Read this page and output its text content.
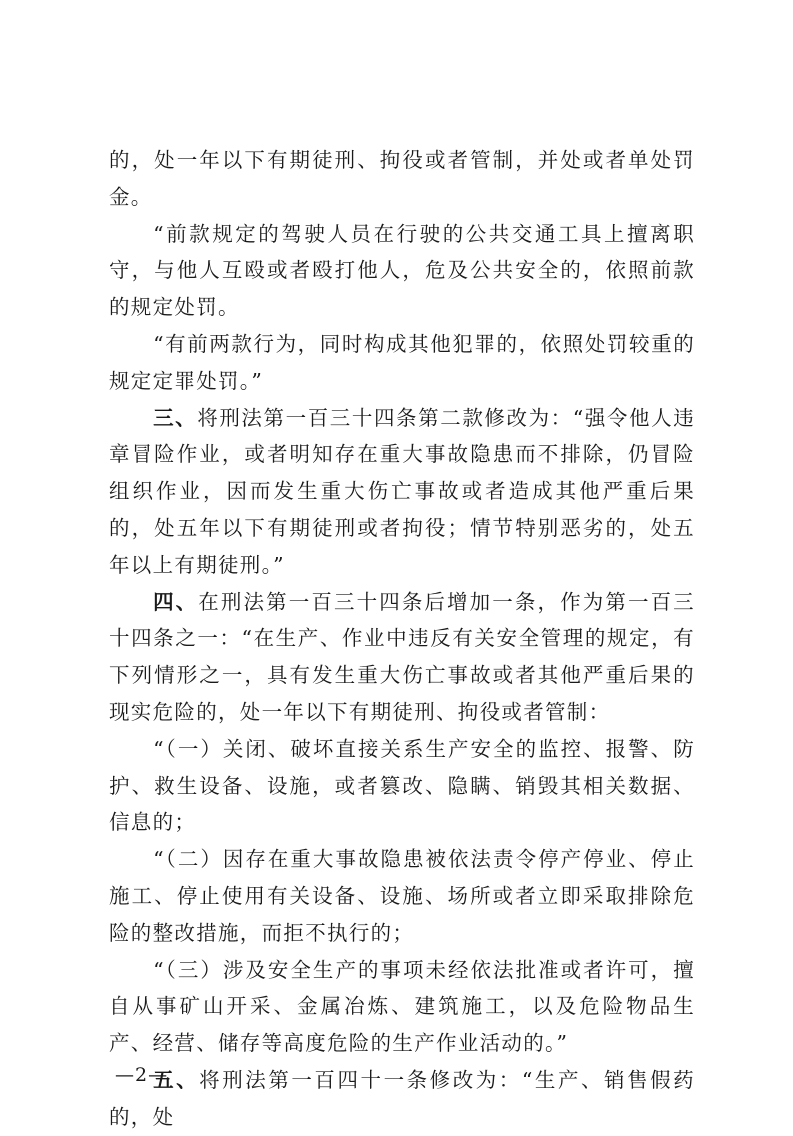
的，处一年以下有期徒刑、拘役或者管制，并处或者单处罚金。

“前款规定的驾驶人员在行驶的公共交通工具上擅离职守，与他人互殴或者殴打他人，危及公共安全的，依照前款的规定处罚。

“有前两款行为，同时构成其他犯罪的，依照处罚较重的规定定罪处罚。”

三、将刑法第一百三十四条第二款修改为：“强令他人违章冒险作业，或者明知存在重大事故隐患而不排除，仍冒险组织作业，因而发生重大伤亡事故或者造成其他严重后果的，处五年以下有期徒刑或者拘役；情节特别恶劣的，处五年以上有期徒刑。”

四、在刑法第一百三十四条后增加一条，作为第一百三十四条之一：“在生产、作业中违反有关安全管理的规定，有下列情形之一，具有发生重大伤亡事故或者其他严重后果的现实危险的，处一年以下有期徒刑、拘役或者管制：

“（一）关闭、破坏直接关系生产安全的监控、报警、防护、救生设备、设施，或者篡改、隐瞒、销毁其相关数据、信息的；

“（二）因存在重大事故隐患被依法责令停产停业、停止施工、停止使用有关设备、设施、场所或者立即采取排除危险的整改措施，而拒不执行的；

“（三）涉及安全生产的事项未经依法批准或者许可，擅自从事矿山开采、金属冶炼、建筑施工，以及危险物品生产、经营、储存等高度危险的生产作业活动的。”

五、将刑法第一百四十一条修改为：“生产、销售假药的，处

—2—
